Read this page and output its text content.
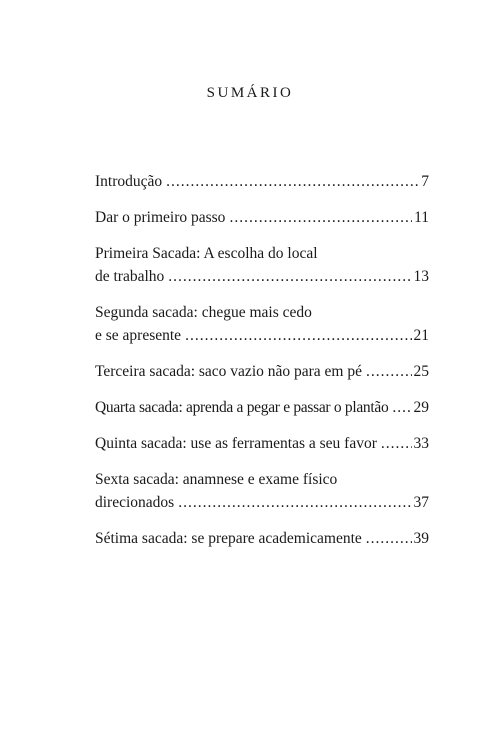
SUMÁRIO
Introdução .....	7
Dar o primeiro passo .....	11
Primeira Sacada: A escolha do local
de trabalho .....	13
Segunda sacada: chegue mais cedo
e se apresente .....	21
Terceira sacada: saco vazio não para em pé .....	25
Quarta sacada: aprenda a pegar e passar o plantão ..... 29
Quinta sacada: use as ferramentas a seu favor ..... 33
Sexta sacada: anamnese e exame físico
direcionados .....	37
Sétima sacada: se prepare academicamente .....	39
